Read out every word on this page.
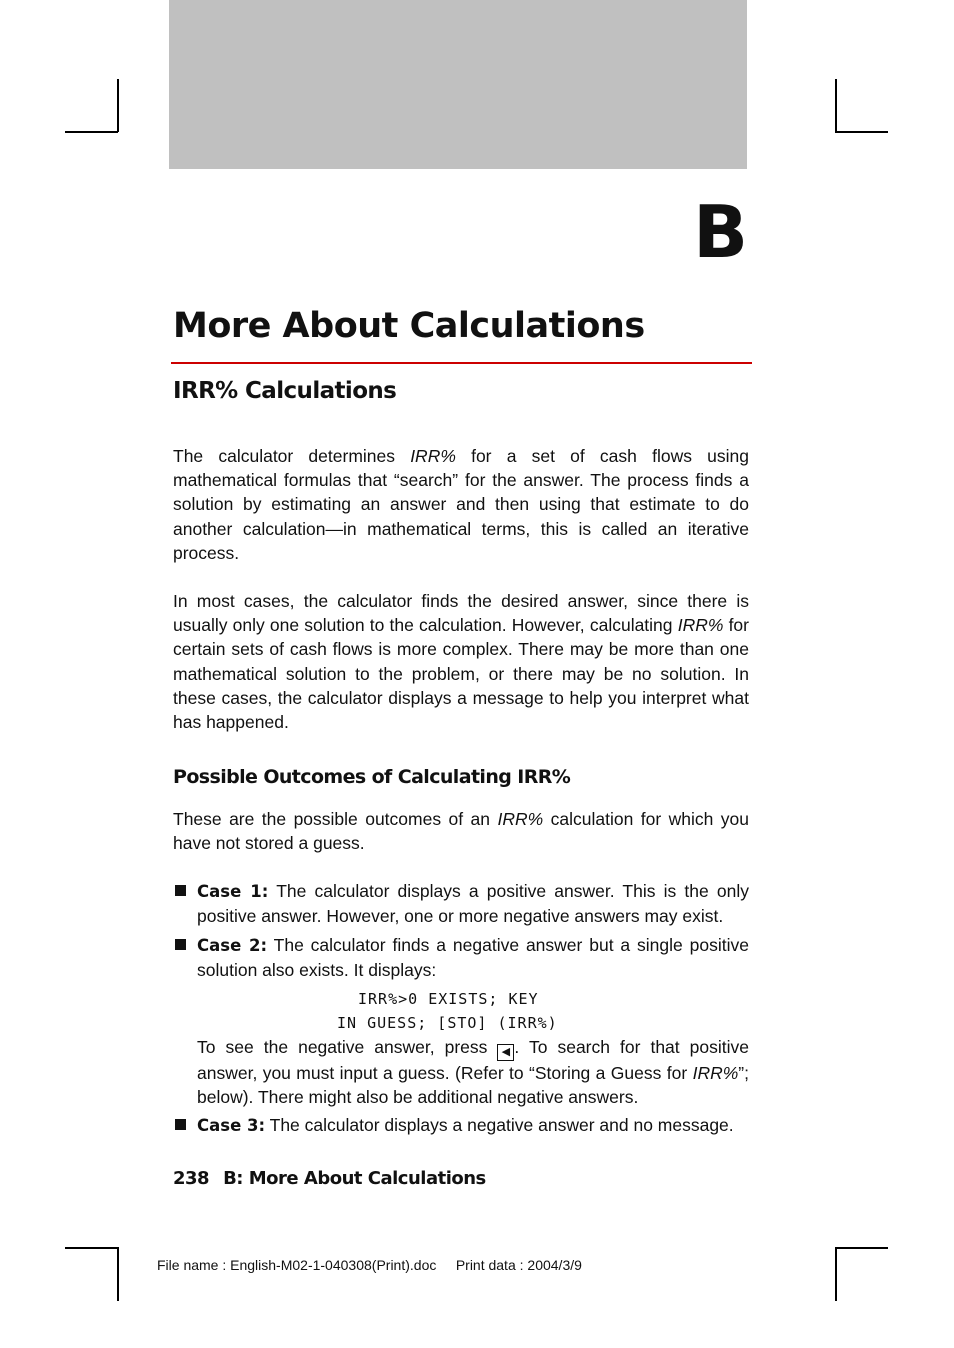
B
More About Calculations
IRR% Calculations

The calculator determines IRR% for a set of cash flows using mathematical formulas that “search” for the answer. The process finds a solution by estimating an answer and then using that estimate to do another calculation—in mathematical terms, this is called an iterative process.

In most cases, the calculator finds the desired answer, since there is usually only one solution to the calculation. However, calculating IRR% for certain sets of cash flows is more complex. There may be more than one mathematical solution to the problem, or there may be no solution. In these cases, the calculator displays a message to help you interpret what has happened.

Possible Outcomes of Calculating IRR%

These are the possible outcomes of an IRR% calculation for which you have not stored a guess.

Case 1: The calculator displays a positive answer. This is the only positive answer. However, one or more negative answers may exist.

Case 2: The calculator finds a negative answer but a single positive solution also exists. It displays:

IRR%>0 EXISTS; KEY
IN GUESS; [STO] (IRR%)

To see the negative answer, press ◀ . To search for that positive answer, you must input a guess. (Refer to “Storing a Guess for IRR%”; below). There might also be additional negative answers.

Case 3: The calculator displays a negative answer and no message.

238 B: More About Calculations
File name : English-M02-1-040308(Print).doc Print data : 2004/3/9
